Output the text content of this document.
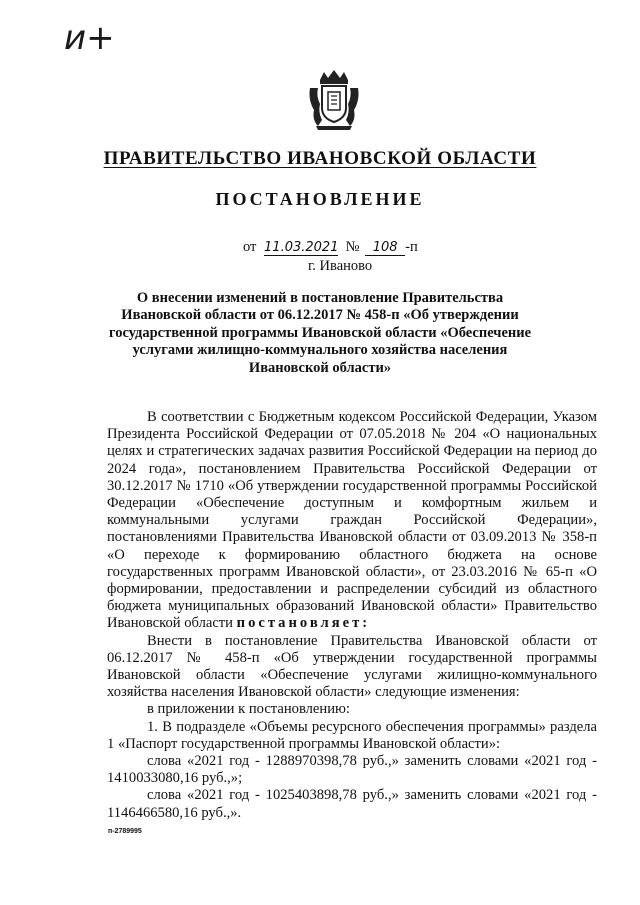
и+
ПРАВИТЕЛЬСТВО ИВАНОВСКОЙ ОБЛАСТИ
ПОСТАНОВЛЕНИЕ
от 11.03.2021 № 108 -п
г. Иваново
О внесении изменений в постановление Правительства
Ивановской области от 06.12.2017 № 458-п «Об утверждении
государственной программы Ивановской области «Обеспечение
услугами жилищно-коммунального хозяйства населения
Ивановской области»

В соответствии с Бюджетным кодексом Российской Федерации, Указом Президента Российской Федерации от 07.05.2018 № 204 «О национальных целях и стратегических задачах развития Российской Федерации на период до 2024 года», постановлением Правительства Российской Федерации от 30.12.2017 № 1710 «Об утверждении государственной программы Российской Федерации «Обеспечение доступным и комфортным жильем и коммунальными услугами граждан Российской Федерации», постановлениями Правительства Ивановской области от 03.09.2013 № 358-п «О переходе к формированию областного бюджета на основе государственных программ Ивановской области», от 23.03.2016 № 65-п «О формировании, предоставлении и распределении субсидий из областного бюджета муниципальных образований Ивановской области» Правительство Ивановской области постановляет:

Внести в постановление Правительства Ивановской области от 06.12.2017 № 458-п «Об утверждении государственной программы Ивановской области «Обеспечение услугами жилищно-коммунального хозяйства населения Ивановской области» следующие изменения:

в приложении к постановлению:

1. В подразделе «Объемы ресурсного обеспечения программы» раздела 1 «Паспорт государственной программы Ивановской области»:

слова «2021 год - 1288970398,78 руб.,» заменить словами «2021 год - 1410033080,16 руб.,»;

слова «2021 год - 1025403898,78 руб.,» заменить словами «2021 год - 1146466580,16 руб.,».

п-2789995
